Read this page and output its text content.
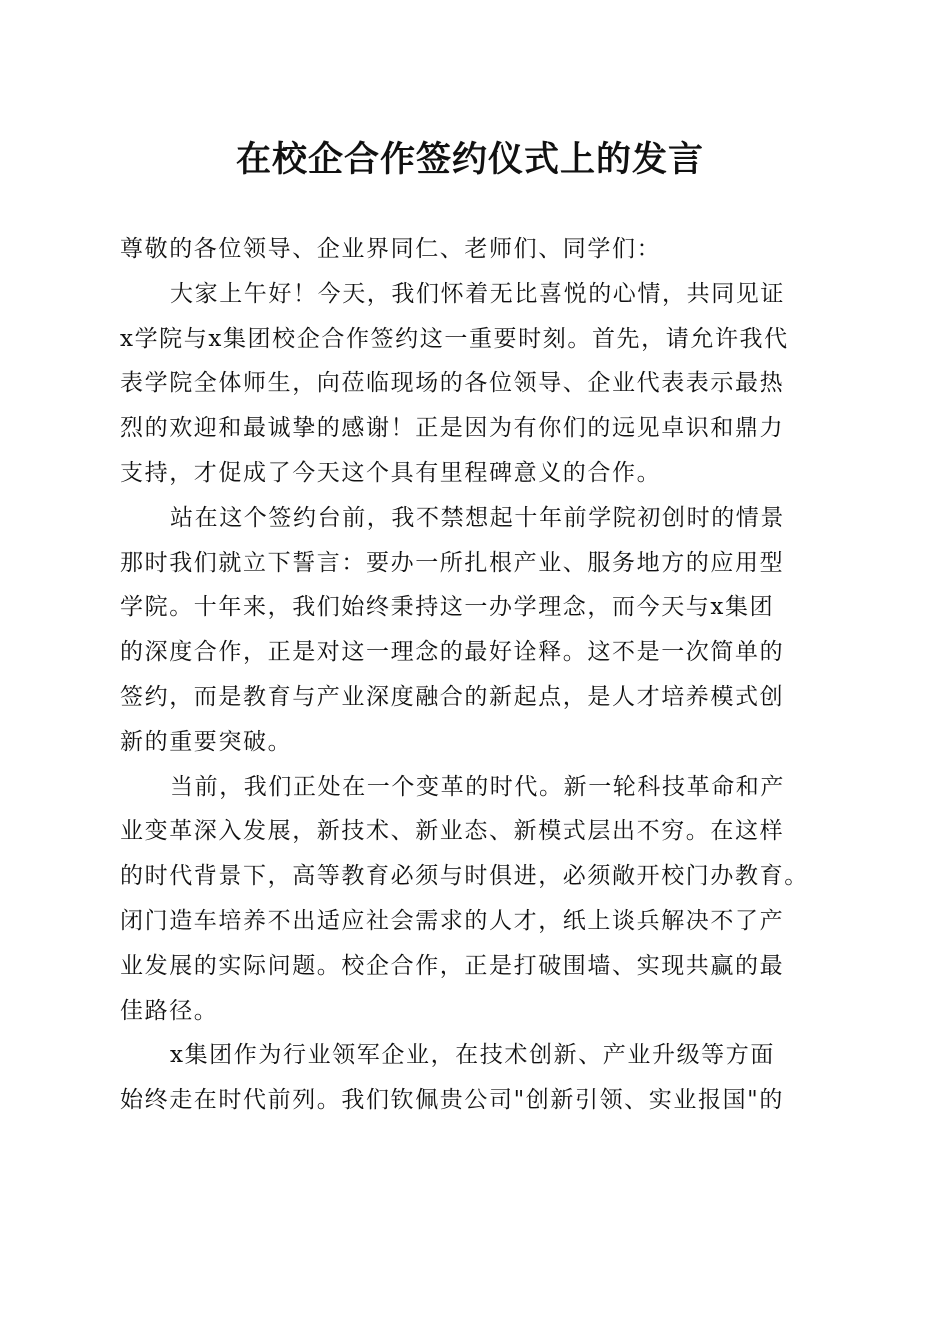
在校企合作签约仪式上的发言

尊敬的各位领导、企业界同仁、老师们、同学们：

大家上午好！今天，我们怀着无比喜悦的心情，共同见证

x学院与x集团校企合作签约这一重要时刻。首先，请允许我代

表学院全体师生，向莅临现场的各位领导、企业代表表示最热

烈的欢迎和最诚挚的感谢！正是因为有你们的远见卓识和鼎力

支持，才促成了今天这个具有里程碑意义的合作。

站在这个签约台前，我不禁想起十年前学院初创时的情景

那时我们就立下誓言：要办一所扎根产业、服务地方的应用型

学院。十年来，我们始终秉持这一办学理念，而今天与x集团

的深度合作，正是对这一理念的最好诠释。这不是一次简单的

签约，而是教育与产业深度融合的新起点，是人才培养模式创

新的重要突破。

当前，我们正处在一个变革的时代。新一轮科技革命和产

业变革深入发展，新技术、新业态、新模式层出不穷。在这样

的时代背景下，高等教育必须与时俱进，必须敞开校门办教育。

闭门造车培养不出适应社会需求的人才，纸上谈兵解决不了产

业发展的实际问题。校企合作，正是打破围墙、实现共赢的最

佳路径。

x集团作为行业领军企业，在技术创新、产业升级等方面

始终走在时代前列。我们钦佩贵公司"创新引领、实业报国"的
